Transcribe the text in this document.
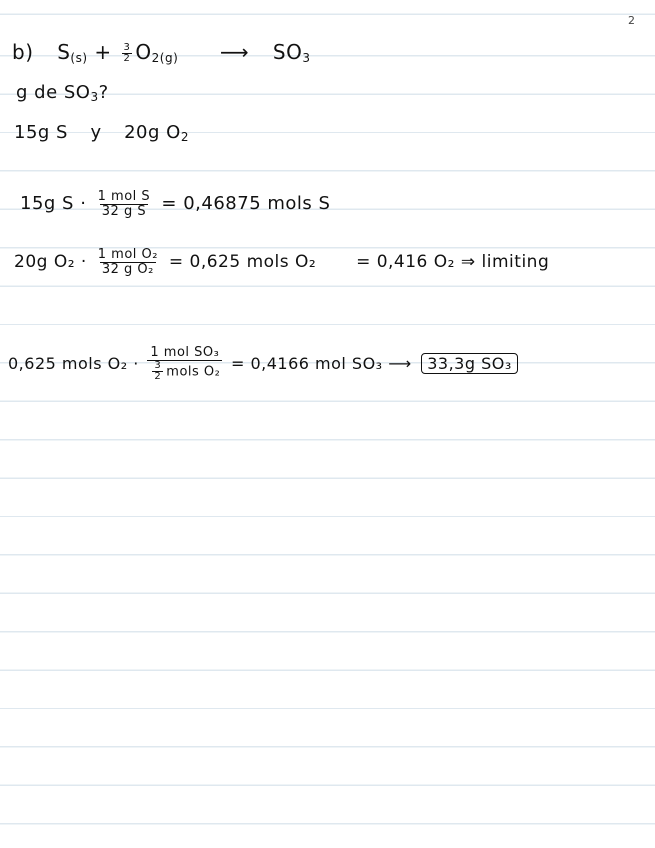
2
b) $S_{(s)} + \frac{3}{2} O_{2(g)}$ ⟶ $SO_3$
g de $SO_3$?
15g S y 20g $O_2$
15g $S \cdot \frac{\text{1 mol S}}{\text{32 g S}} = 0,46875$ mols S
20g $O_2 \cdot \frac{\text{1 mol O₂}}{\text{32 g O₂}} = 0,625$ mols O₂ = 0,416 O₂ ⇒ limiting
0,625 mols $O_2 \cdot \frac{\text{1 mol SO₃}}{\frac{3}{2} mols O_2} = 0,4166$ mol SO₃ ⟶ 33,3g SO₃
